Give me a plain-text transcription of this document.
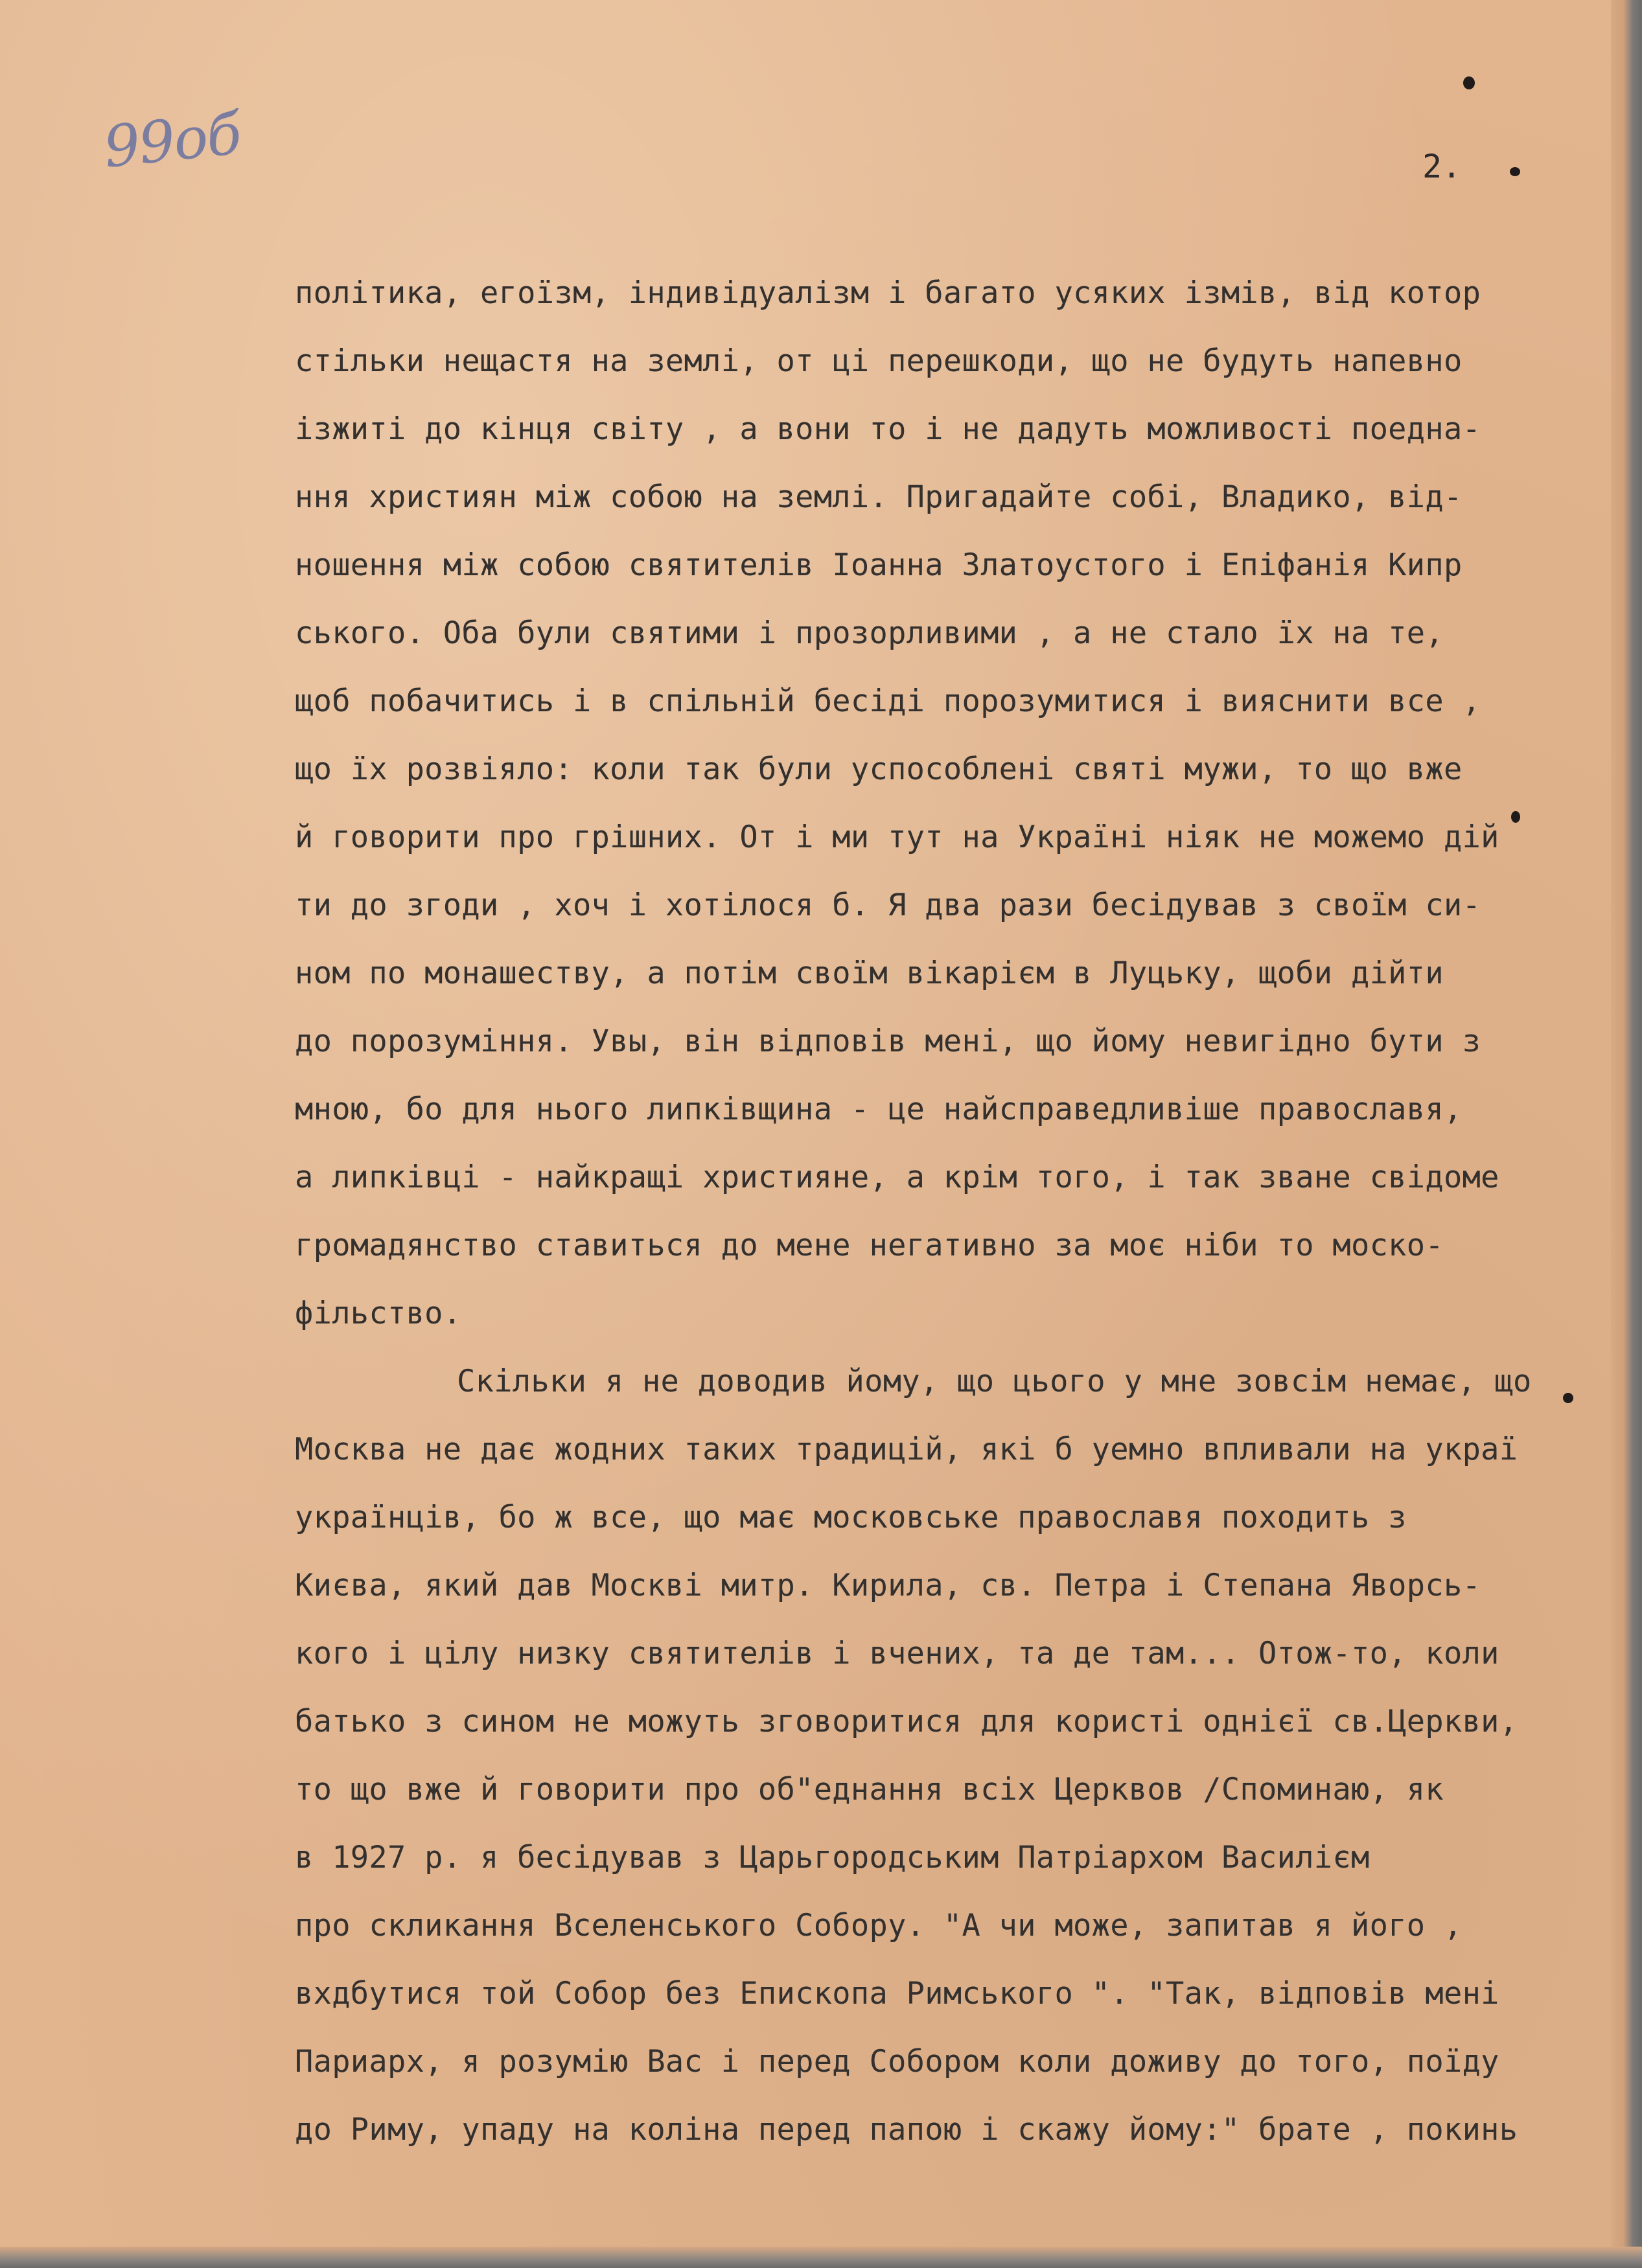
99об	2.
політика, егоїзм, індивідуалізм і багато усяких ізмів, від котор
стільки нещастя на землі, от ці перешкоди, що не будуть напевно
ізжиті до кінця світу , а вони то і не дадуть можливості поедна-
ння християн між собою на землі. Пригадайте собі, Владико, від-
ношення між собою святителів Іоанна Златоустого і Епіфанія Кипр
ського. Оба були святими і прозорливими , а не стало їх на те,
щоб побачитись і в спільній бесіді порозумитися і вияснити все ,
що їх розвіяло: коли так були успособлені святі мужи, то що вже
й говорити про грішних. От і ми тут на Україні ніяк не можемо дій
ти до згоди , хоч і хотілося б. Я два рази бесідував з своїм си-
ном по монашеству, а потім своїм вікарієм в Луцьку, щоби дійти
до порозуміння. Увы, він відповів мені, що йому невигідно бути з
мною, бо для нього липківщина - це найсправедливіше православя,
а липківці - найкращі християне, а крім того, і так зване свідоме
громадянство ставиться до мене негативно за моє ніби то моско-
фільство.
Скільки я не доводив йому, що цього у мне зовсім немає, що
Москва не дає жодних таких традицій, які б уемно впливали на украї
українців, бо ж все, що має московське православя походить з
Києва, який дав Москві митр. Кирила, св. Петра і Степана Яворсь-
кого і цілу низку святителів і вчених, та де там... Отож-то, коли
батько з сином не можуть зговоритися для користі однієї св.Церкви,
то що вже й говорити про об"еднання всіх Церквов /Споминаю, як
в 1927 р. я бесідував з Царьгородським Патріархом Василієм
про скликання Вселенського Собору. "А чи може, запитав я його ,
вхдбутися той Собор без Епископа Римського ". "Так, відповів мені
Париарх, я розумію Вас і перед Собором коли доживу до того, поїду
до Риму, упаду на коліна перед папою і скажу йому:" брате , покинь
